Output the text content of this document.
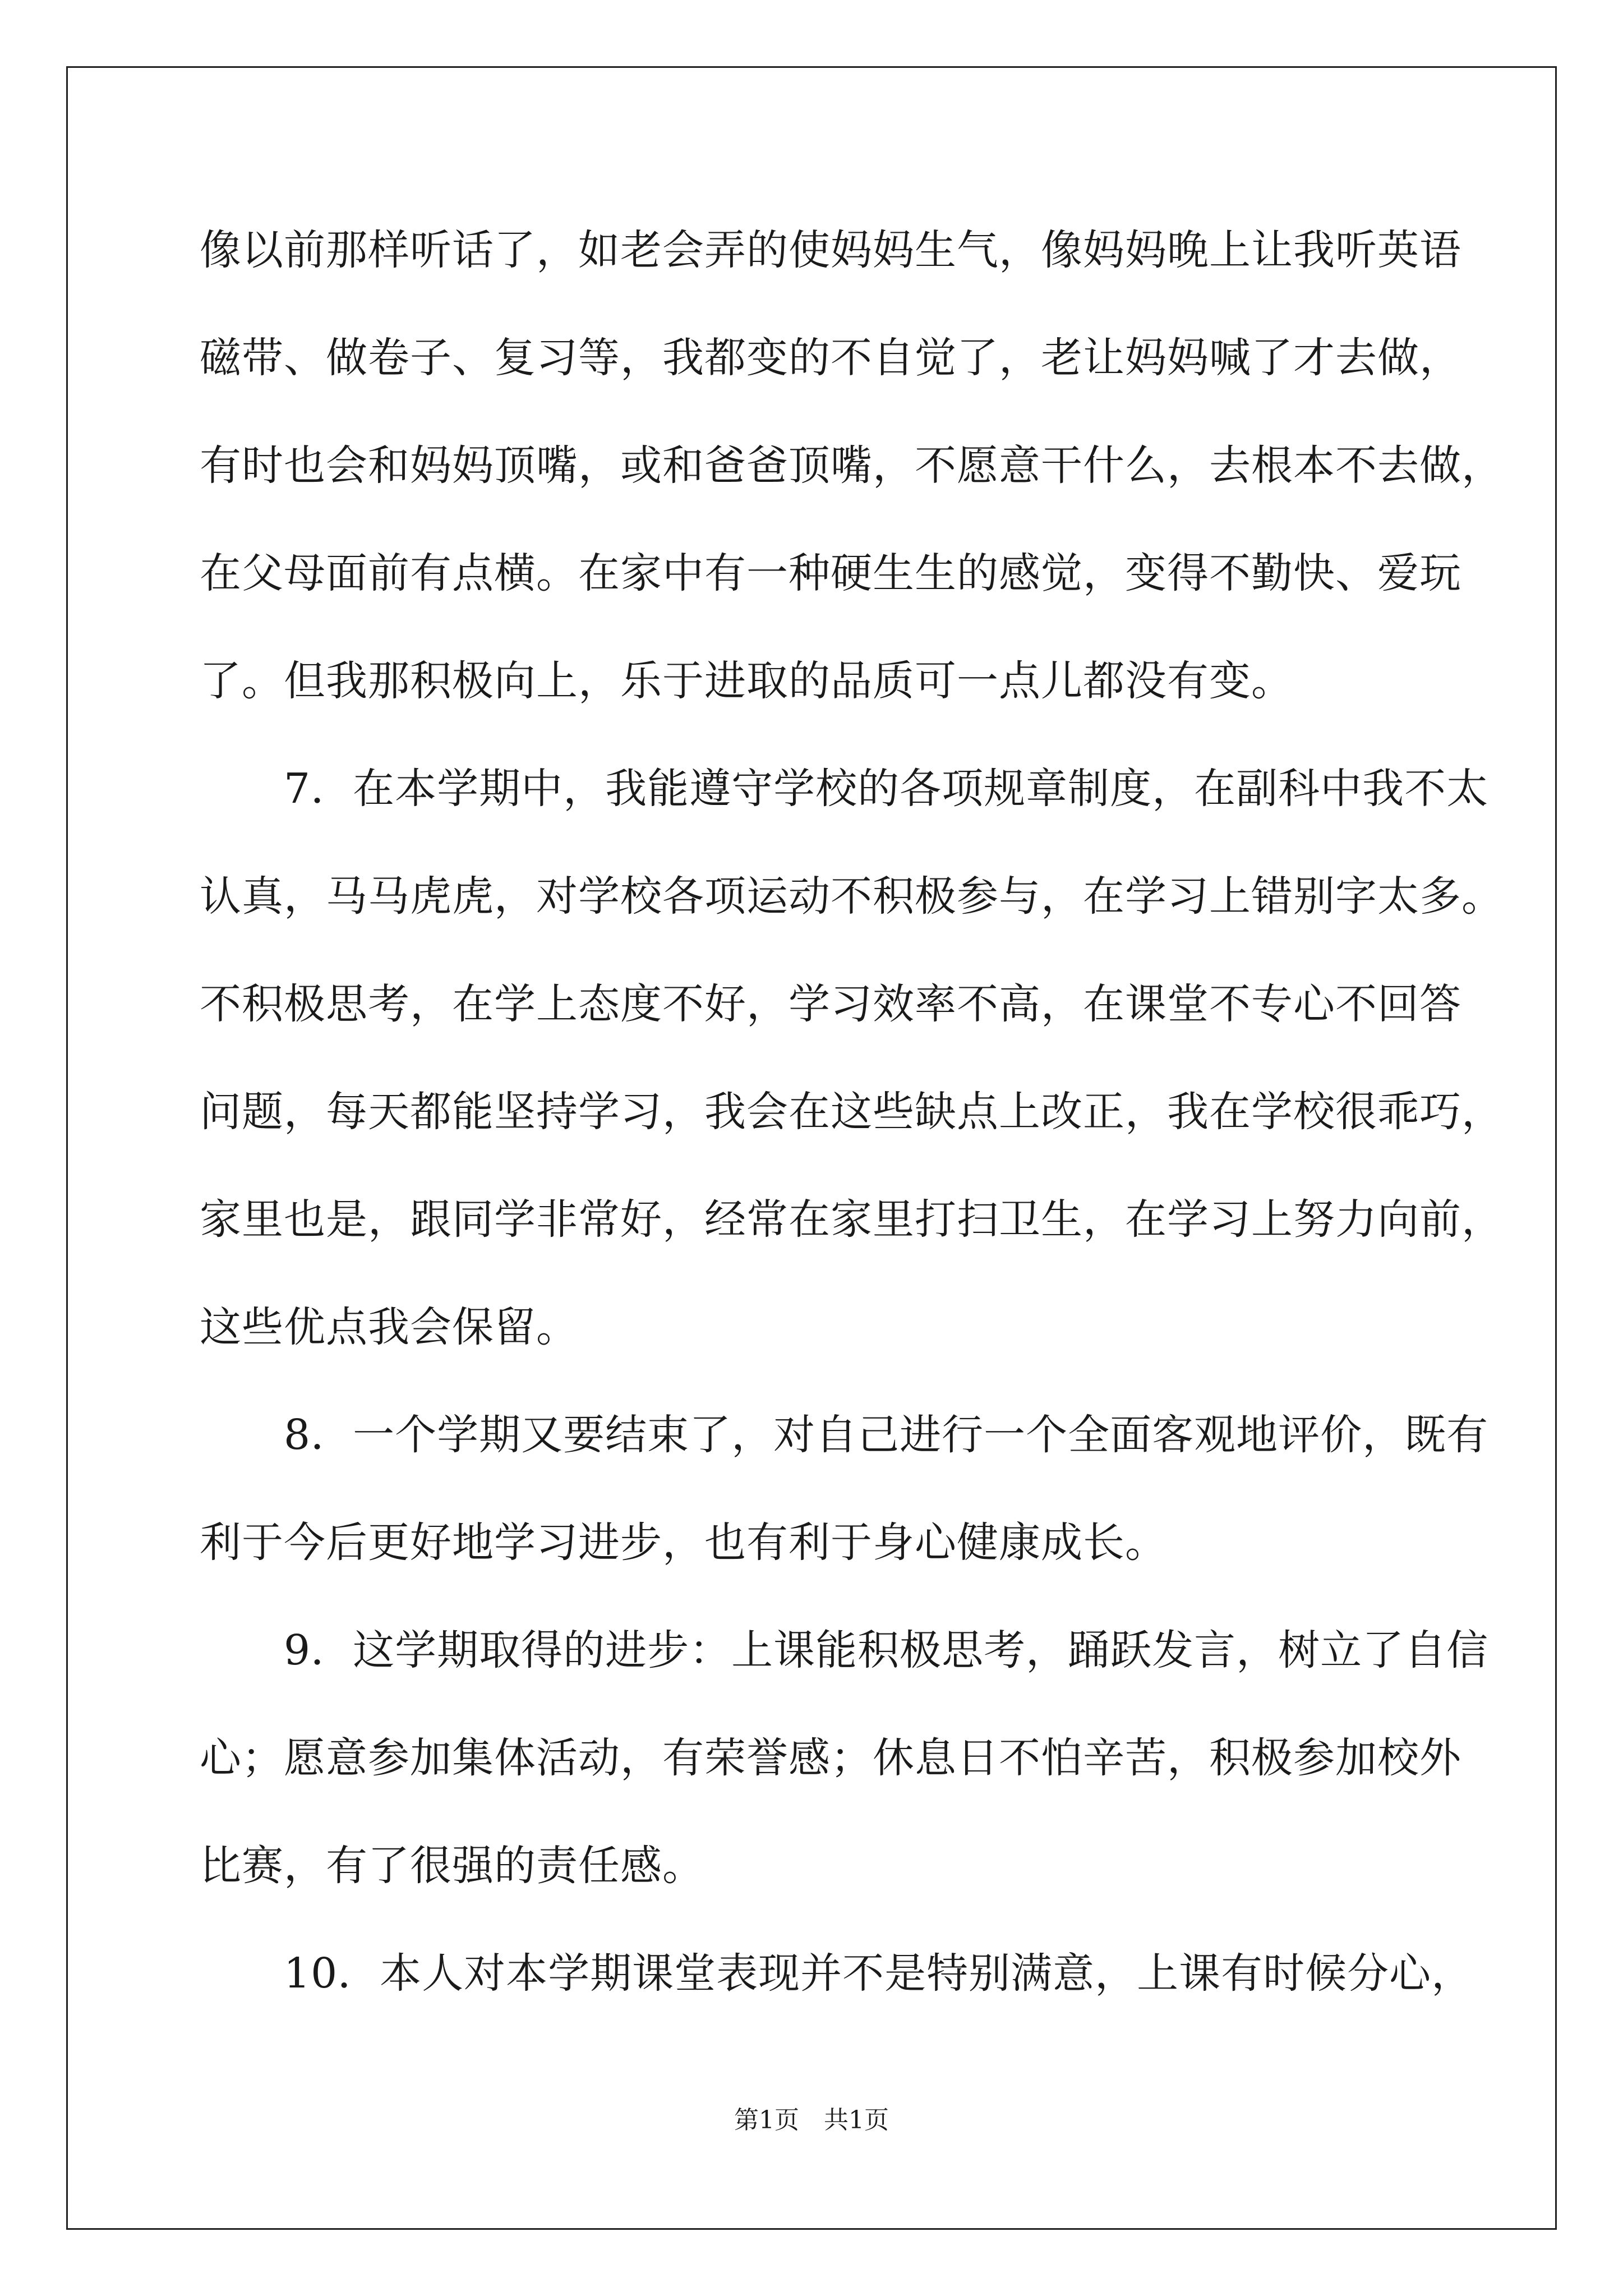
像以前那样听话了，如老会弄的使妈妈生气，像妈妈晚上让我听英语
磁带、做卷子、复习等，我都变的不自觉了，老让妈妈喊了才去做，
有时也会和妈妈顶嘴，或和爸爸顶嘴，不愿意干什么，去根本不去做，
在父母面前有点横。在家中有一种硬生生的感觉，变得不勤快、爱玩
了。但我那积极向上，乐于进取的品质可一点儿都没有变。
　　7．在本学期中，我能遵守学校的各项规章制度，在副科中我不太
认真，马马虎虎，对学校各项运动不积极参与，在学习上错别字太多。
不积极思考，在学上态度不好，学习效率不高，在课堂不专心不回答
问题，每天都能坚持学习，我会在这些缺点上改正，我在学校很乖巧，
家里也是，跟同学非常好，经常在家里打扫卫生，在学习上努力向前，
这些优点我会保留。
　　8．一个学期又要结束了，对自己进行一个全面客观地评价，既有
利于今后更好地学习进步，也有利于身心健康成长。
　　9．这学期取得的进步：上课能积极思考，踊跃发言，树立了自信
心；愿意参加集体活动，有荣誉感；休息日不怕辛苦，积极参加校外
比赛，有了很强的责任感。
　　10．本人对本学期课堂表现并不是特别满意，上课有时候分心，
第1页　共1页
